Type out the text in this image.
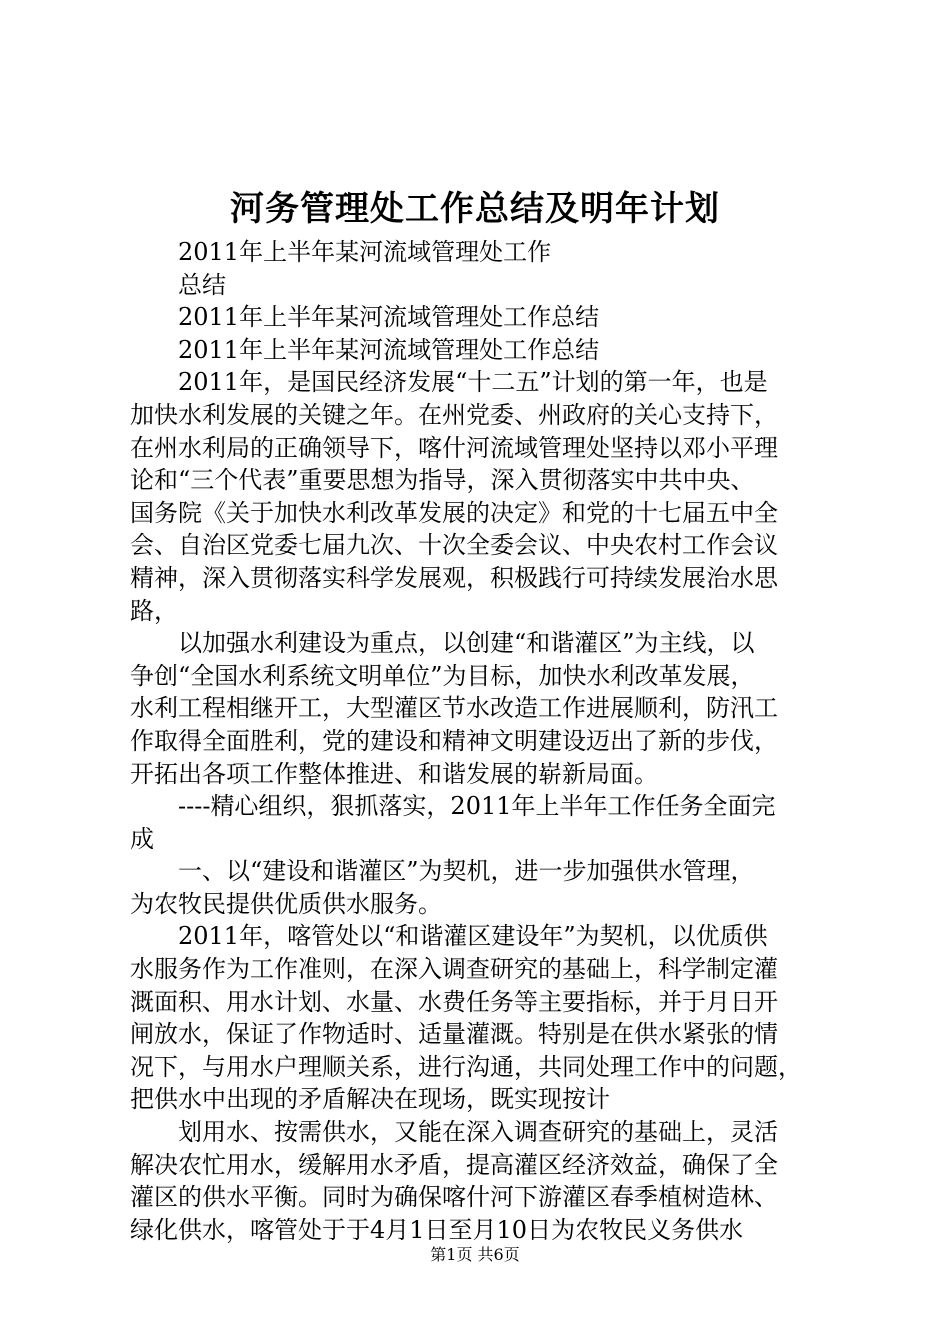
河务管理处工作总结及明年计划
2011年上半年某河流域管理处工作
总结
2011年上半年某河流域管理处工作总结
2011年上半年某河流域管理处工作总结
2011年，是国民经济发展“十二五”计划的第一年，也是
加快水利发展的关键之年。在州党委、州政府的关心支持下，
在州水利局的正确领导下，喀什河流域管理处坚持以邓小平理
论和“三个代表”重要思想为指导，深入贯彻落实中共中央、
国务院《关于加快水利改革发展的决定》和党的十七届五中全
会、自治区党委七届九次、十次全委会议、中央农村工作会议
精神，深入贯彻落实科学发展观，积极践行可持续发展治水思
路，
以加强水利建设为重点，以创建“和谐灌区”为主线，以
争创“全国水利系统文明单位”为目标，加快水利改革发展，
水利工程相继开工，大型灌区节水改造工作进展顺利，防汛工
作取得全面胜利，党的建设和精神文明建设迈出了新的步伐，
开拓出各项工作整体推进、和谐发展的崭新局面。
----精心组织，狠抓落实，2011年上半年工作任务全面完
成
一、以“建设和谐灌区”为契机，进一步加强供水管理，
为农牧民提供优质供水服务。
2011年，喀管处以“和谐灌区建设年”为契机，以优质供
水服务作为工作准则，在深入调查研究的基础上，科学制定灌
溉面积、用水计划、水量、水费任务等主要指标，并于月日开
闸放水，保证了作物适时、适量灌溉。特别是在供水紧张的情
况下，与用水户理顺关系，进行沟通，共同处理工作中的问题，
把供水中出现的矛盾解决在现场，既实现按计
划用水、按需供水，又能在深入调查研究的基础上，灵活
解决农忙用水，缓解用水矛盾，提高灌区经济效益，确保了全
灌区的供水平衡。同时为确保喀什河下游灌区春季植树造林、
绿化供水，喀管处于于4月1日至月10日为农牧民义务供水
第1页 共6页
